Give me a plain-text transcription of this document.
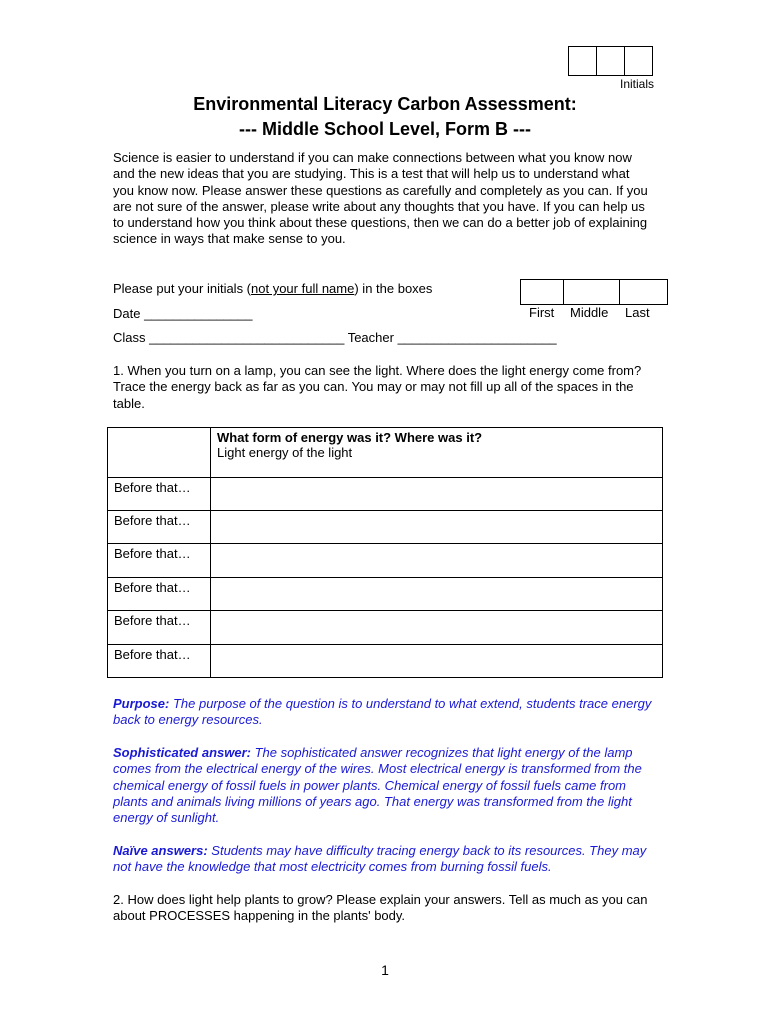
Initials
Environmental Literacy Carbon Assessment:
--- Middle School Level, Form B ---
Science is easier to understand if you can make connections between what you know now and the new ideas that you are studying. This is a test that will help us to understand what you know now. Please answer these questions as carefully and completely as you can. If you are not sure of the answer, please write about any thoughts that you have. If you can help us to understand how you think about these questions, then we can do a better job of explaining science in ways that make sense to you.
Please put your initials (not your full name) in the boxes
First Middle Last
Date _______________
Class ___________________________ Teacher ______________________
1. When you turn on a lamp, you can see the light. Where does the light energy come from? Trace the energy back as far as you can. You may or may not fill up all of the spaces in the table.

	What form of energy was it? Where was it?
Light energy of the light

Before that…	
Before that…	
Before that…	
Before that…	
Before that…	
Before that…	
Purpose: The purpose of the question is to understand to what extend, students trace energy back to energy resources.
Sophisticated answer: The sophisticated answer recognizes that light energy of the lamp comes from the electrical energy of the wires. Most electrical energy is transformed from the chemical energy of fossil fuels in power plants. Chemical energy of fossil fuels came from plants and animals living millions of years ago. That energy was transformed from the light energy of sunlight.
Naïve answers: Students may have difficulty tracing energy back to its resources. They may not have the knowledge that most electricity comes from burning fossil fuels.
2. How does light help plants to grow? Please explain your answers. Tell as much as you can about PROCESSES happening in the plants' body.
1
